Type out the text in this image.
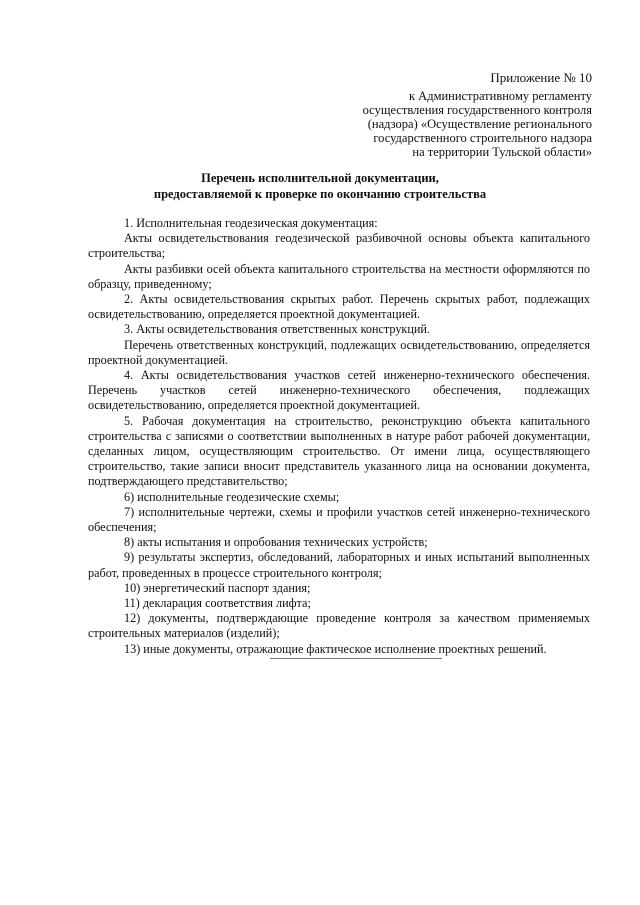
Приложение № 10
к Административному регламенту
осуществления государственного контроля
(надзора) «Осуществление регионального
государственного строительного надзора
на территории Тульской области»
Перечень исполнительной документации,
предоставляемой к проверке по окончанию строительства

1. Исполнительная геодезическая документация:

Акты освидетельствования геодезической разбивочной основы объекта капитального строительства;

Акты разбивки осей объекта капитального строительства на местности оформляются по образцу, приведенному;

2. Акты освидетельствования скрытых работ. Перечень скрытых работ, подлежащих освидетельствованию, определяется проектной документацией.

3. Акты освидетельствования ответственных конструкций.

Перечень ответственных конструкций, подлежащих освидетельствованию, определяется проектной документацией.

4. Акты освидетельствования участков сетей инженерно-технического обеспечения. Перечень участков сетей инженерно-технического обеспечения, подлежащих освидетельствованию, определяется проектной документацией.

5. Рабочая документация на строительство, реконструкцию объекта капитального строительства с записями о соответствии выполненных в натуре работ рабочей документации, сделанных лицом, осуществляющим строительство. От имени лица, осуществляющего строительство, такие записи вносит представитель указанного лица на основании документа, подтверждающего представительство;

6) исполнительные геодезические схемы;

7) исполнительные чертежи, схемы и профили участков сетей инженерно-технического обеспечения;

8) акты испытания и опробования технических устройств;

9) результаты экспертиз, обследований, лабораторных и иных испытаний выполненных работ, проведенных в процессе строительного контроля;

10) энергетический паспорт здания;

11) декларация соответствия лифта;

12) документы, подтверждающие проведение контроля за качеством применяемых строительных материалов (изделий);

13) иные документы, отражающие фактическое исполнение проектных решений.
